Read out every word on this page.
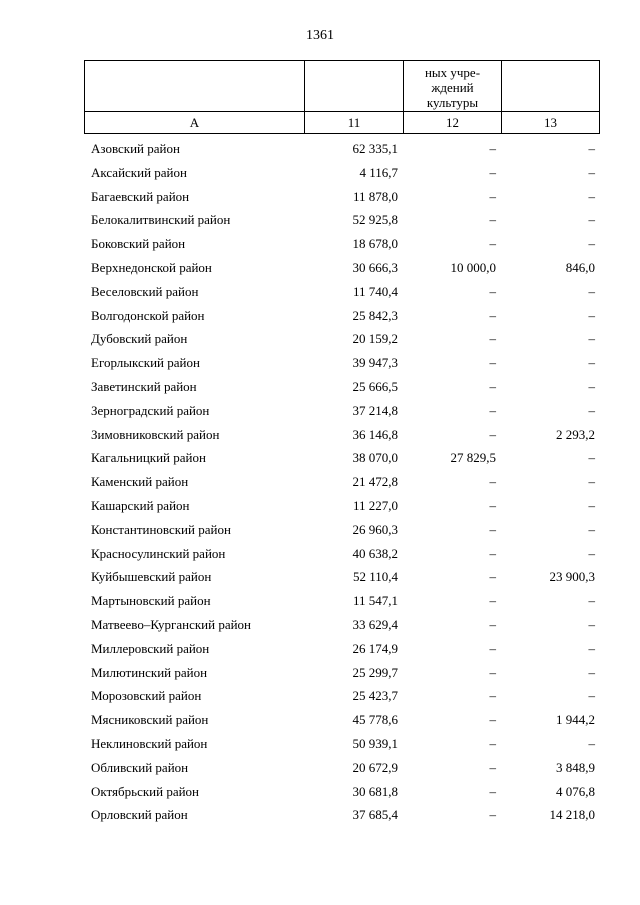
1361

		ных учре-
ждений
культуры	

А	11	12	13
Азовский район	62 335,1	–	–
Аксайский район	4 116,7	–	–
Багаевский район	11 878,0	–	–
Белокалитвинский район	52 925,8	–	–
Боковский район	18 678,0	–	–
Верхнедонской район	30 666,3	10 000,0	846,0
Веселовский район	11 740,4	–	–
Волгодонской район	25 842,3	–	–
Дубовский район	20 159,2	–	–
Егорлыкский район	39 947,3	–	–
Заветинский район	25 666,5	–	–
Зерноградский район	37 214,8	–	–
Зимовниковский район	36 146,8	–	2 293,2
Кагальницкий район	38 070,0	27 829,5	–
Каменский район	21 472,8	–	–
Кашарский район	11 227,0	–	–
Константиновский район	26 960,3	–	–
Красносулинский район	40 638,2	–	–
Куйбышевский район	52 110,4	–	23 900,3
Мартыновский район	11 547,1	–	–
Матвеево–Курганский район	33 629,4	–	–
Миллеровский район	26 174,9	–	–
Милютинский район	25 299,7	–	–
Морозовский район	25 423,7	–	–
Мясниковский район	45 778,6	–	1 944,2
Неклиновский район	50 939,1	–	–
Обливский район	20 672,9	–	3 848,9
Октябрьский район	30 681,8	–	4 076,8
Орловский район	37 685,4	–	14 218,0
